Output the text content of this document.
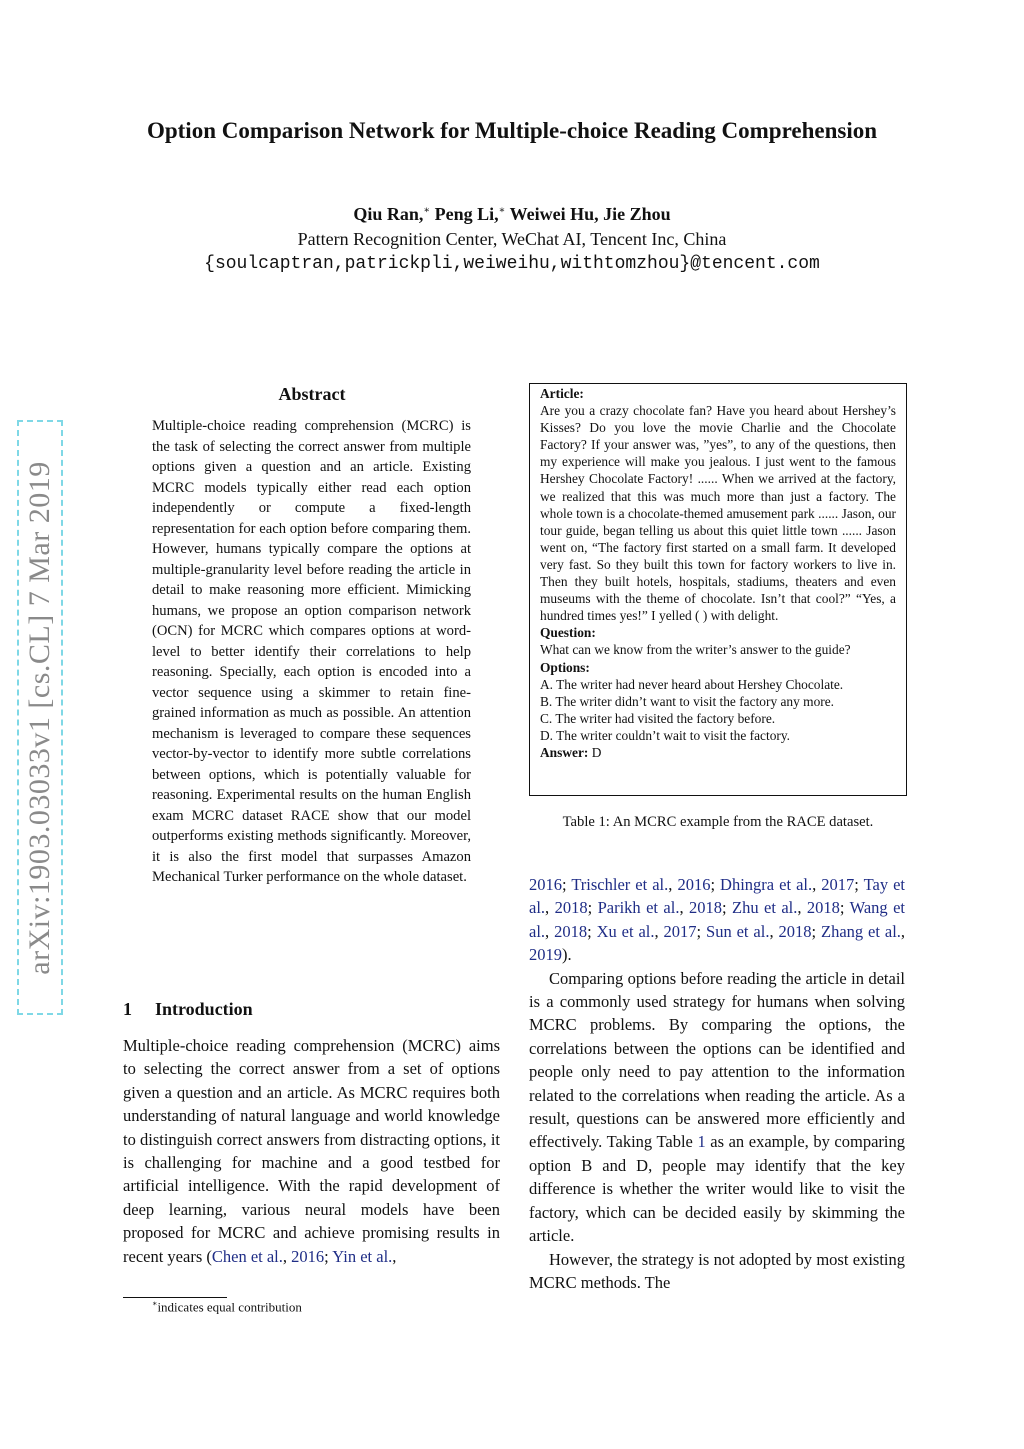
Option Comparison Network for Multiple-choice Reading Comprehension
Qiu Ran,∗ Peng Li,∗ Weiwei Hu, Jie Zhou
Pattern Recognition Center, WeChat AI, Tencent Inc, China
{soulcaptran,patrickpli,weiweihu,withtomzhou}@tencent.com
arXiv:1903.03033v1 [cs.CL] 7 Mar 2019
Abstract
Multiple-choice reading comprehension (MCRC) is the task of selecting the correct answer from multiple options given a question and an article. Existing MCRC models typically either read each option independently or compute a fixed-length representation for each option before comparing them. However, humans typically compare the options at multiple-granularity level before reading the article in detail to make reasoning more efficient. Mimicking humans, we propose an option comparison network (OCN) for MCRC which compares options at word-level to better identify their correlations to help reasoning. Specially, each option is encoded into a vector sequence using a skimmer to retain fine-grained information as much as possible. An attention mechanism is leveraged to compare these sequences vector-by-vector to identify more subtle correlations between options, which is potentially valuable for reasoning. Experimental results on the human English exam MCRC dataset RACE show that our model outperforms existing methods significantly. Moreover, it is also the first model that surpasses Amazon Mechanical Turker performance on the whole dataset.
1 Introduction
Multiple-choice reading comprehension (MCRC) aims to selecting the correct answer from a set of options given a question and an article. As MCRC requires both understanding of natural language and world knowledge to distinguish correct answers from distracting options, it is challenging for machine and a good testbed for artificial intelligence. With the rapid development of deep learning, various neural models have been proposed for MCRC and achieve promising results in recent years (Chen et al., 2016; Yin et al.,
∗indicates equal contribution

Article:

Are you a crazy chocolate fan? Have you heard about Hershey’s Kisses? Do you love the movie Charlie and the Chocolate Factory? If your answer was, ”yes”, to any of the questions, then my experience will make you jealous. I just went to the famous Hershey Chocolate Factory! ...... When we arrived at the factory, we realized that this was much more than just a factory. The whole town is a chocolate-themed amusement park ...... Jason, our tour guide, began telling us about this quiet little town ...... Jason went on, “The factory first started on a small farm. It developed very fast. So they built this town for factory workers to live in. Then they built hotels, hospitals, stadiums, theaters and even museums with the theme of chocolate. Isn’t that cool?” “Yes, a hundred times yes!” I yelled ( ) with delight.

Question:

What can we know from the writer’s answer to the guide?

Options:

A. The writer had never heard about Hershey Chocolate.

B. The writer didn’t want to visit the factory any more.

C. The writer had visited the factory before.

D. The writer couldn’t wait to visit the factory.

Answer: D

Table 1: An MCRC example from the RACE dataset.

2016; Trischler et al., 2016; Dhingra et al., 2017; Tay et al., 2018; Parikh et al., 2018; Zhu et al., 2018; Wang et al., 2018; Xu et al., 2017; Sun et al., 2018; Zhang et al., 2019).

Comparing options before reading the article in detail is a commonly used strategy for humans when solving MCRC problems. By comparing the options, the correlations between the options can be identified and people only need to pay attention to the information related to the correlations when reading the article. As a result, questions can be answered more efficiently and effectively. Taking Table 1 as an example, by comparing option B and D, people may identify that the key difference is whether the writer would like to visit the factory, which can be decided easily by skimming the article.

However, the strategy is not adopted by most existing MCRC methods. The
